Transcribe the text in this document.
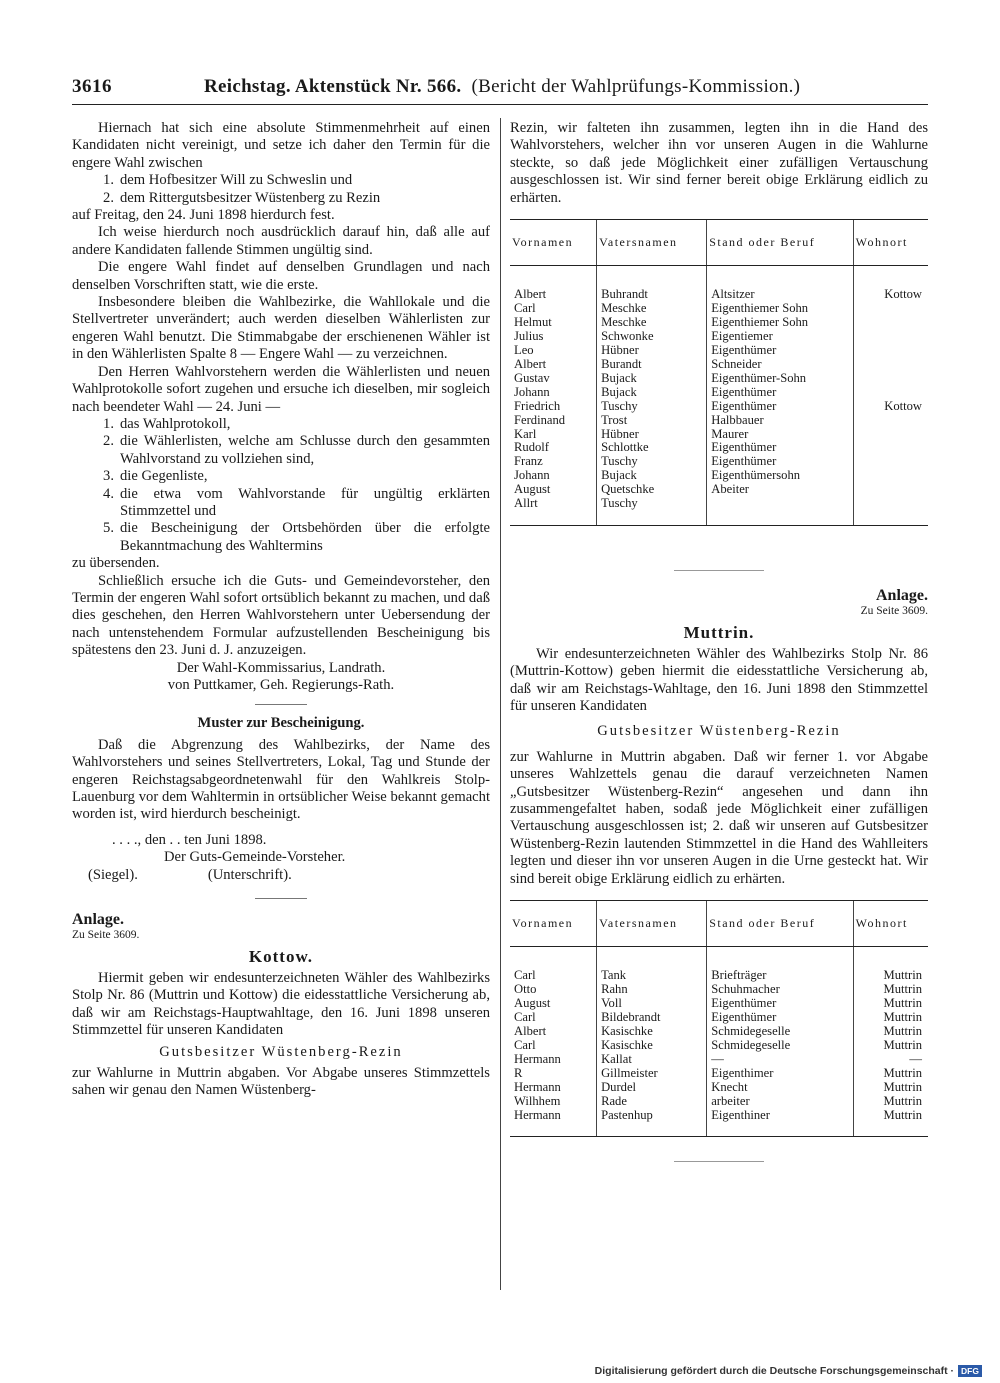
3616	Reichstag. Aktenstück Nr. 566. (Bericht der Wahlprüfungs-Kommission.)

Hiernach hat sich eine absolute Stimmenmehrheit auf einen Kandidaten nicht vereinigt, und setze ich daher den Termin für die engere Wahl zwischen

1. dem Hofbesitzer Will zu Schweslin und
2. dem Rittergutsbesitzer Wüstenberg zu Rezin

auf Freitag, den 24. Juni 1898 hierdurch fest.

Ich weise hierdurch noch ausdrücklich darauf hin, daß alle auf andere Kandidaten fallende Stimmen ungültig sind.

Die engere Wahl findet auf denselben Grundlagen und nach denselben Vorschriften statt, wie die erste.

Insbesondere bleiben die Wahlbezirke, die Wahllokale und die Stellvertreter unverändert; auch werden dieselben Wählerlisten zur engeren Wahl benutzt. Die Stimmabgabe der erschienenen Wähler ist in den Wählerlisten Spalte 8 — Engere Wahl — zu verzeichnen.

Den Herren Wahlvorstehern werden die Wählerlisten und neuen Wahlprotokolle sofort zugehen und ersuche ich dieselben, mir sogleich nach beendeter Wahl — 24. Juni —

1. das Wahlprotokoll,
2. die Wählerlisten, welche am Schlusse durch den gesammten Wahlvorstand zu vollziehen sind,
3. die Gegenliste,
4. die etwa vom Wahlvorstande für ungültig erklärten Stimmzettel und
5. die Bescheinigung der Ortsbehörden über die erfolgte Bekanntmachung des Wahltermins

zu übersenden.

Schließlich ersuche ich die Guts- und Gemeindevorsteher, den Termin der engeren Wahl sofort ortsüblich bekannt zu machen, und daß dies geschehen, den Herren Wahlvorstehern unter Uebersendung der nach untenstehendem Formular aufzustellenden Bescheinigung bis spätestens den 23. Juni d. J. anzuzeigen.

Der Wahl-Kommissarius, Landrath.

von Puttkamer, Geh. Regierungs-Rath.

Muster zur Bescheinigung.

Daß die Abgrenzung des Wahlbezirks, der Name des Wahlvorstehers und seines Stellvertreters, Lokal, Tag und Stunde der engeren Reichstagsabgeordnetenwahl für den Wahlkreis Stolp-Lauenburg vor dem Wahltermin in ortsüblicher Weise bekannt gemacht worden ist, wird hierdurch bescheinigt.

. . . ., den . . ten Juni 1898.

Der Guts-Gemeinde-Vorsteher.

(Siegel).	(Unterschrift).

Anlage.

Zu Seite 3609.

Kottow.

Hiermit geben wir endesunterzeichneten Wähler des Wahlbezirks Stolp Nr. 86 (Muttrin und Kottow) die eidesstattliche Versicherung ab, daß wir am Reichstags-Hauptwahltage, den 16. Juni 1898 unseren Stimmzettel für unseren Kandidaten

Gutsbesitzer Wüstenberg-Rezin

zur Wahlurne in Muttrin abgaben. Vor Abgabe unseres Stimmzettels sahen wir genau den Namen Wüstenberg-

Rezin, wir falteten ihn zusammen, legten ihn in die Hand des Wahlvorstehers, welcher ihn vor unseren Augen in die Wahlurne steckte, so daß jede Möglichkeit einer zufälligen Vertauschung ausgeschlossen ist. Wir sind ferner bereit obige Erklärung eidlich zu erhärten.

Vornamen	Vatersnamen	Stand oder Beruf	Wohnort
Albert	Buhrandt	Altsitzer	Kottow
Carl	Meschke	Eigenthiemer Sohn	
Helmut	Meschke	Eigenthiemer Sohn	
Julius	Schwonke	Eigentiemer	
Leo	Hübner	Eigenthümer	
Albert	Burandt	Schneider	
Gustav	Bujack	Eigenthümer-Sohn	
Johann	Bujack	Eigenthümer	
Friedrich	Tuschy	Eigenthümer	Kottow
Ferdinand	Trost	Halbbauer	
Karl	Hübner	Maurer	
Rudolf	Schlottke	Eigenthümer	
Franz	Tuschy	Eigenthümer	
Johann	Bujack	Eigenthümersohn	
August	Quetschke	Abeiter	
Allrt	Tuschy		

Anlage.

Zu Seite 3609.

Muttrin.

Wir endesunterzeichneten Wähler des Wahlbezirks Stolp Nr. 86 (Muttrin-Kottow) geben hiermit die eidesstattliche Versicherung ab, daß wir am Reichstags-Wahltage, den 16. Juni 1898 den Stimmzettel für unseren Kandidaten

Gutsbesitzer Wüstenberg-Rezin

zur Wahlurne in Muttrin abgaben. Daß wir ferner 1. vor Abgabe unseres Wahlzettels genau die darauf verzeichneten Namen „Gutsbesitzer Wüstenberg-Rezin“ angesehen und dann ihn zusammengefaltet haben, sodaß jede Möglichkeit einer zufälligen Vertauschung ausgeschlossen ist; 2. daß wir unseren auf Gutsbesitzer Wüstenberg-Rezin lautenden Stimmzettel in die Hand des Wahlleiters legten und dieser ihn vor unseren Augen in die Urne gesteckt hat. Wir sind bereit obige Erklärung eidlich zu erhärten.

Vornamen	Vatersnamen	Stand oder Beruf	Wohnort
Carl	Tank	Briefträger	Muttrin
Otto	Rahn	Schuhmacher	Muttrin
August	Voll	Eigenthümer	Muttrin
Carl	Bildebrandt	Eigenthümer	Muttrin
Albert	Kasischke	Schmidegeselle	Muttrin
Carl	Kasischke	Schmidegeselle	Muttrin
Hermann	Kallat	—	—
R	Gillmeister	Eigenthimer	Muttrin
Hermann	Durdel	Knecht	Muttrin
Wilhhem	Rade	arbeiter	Muttrin
Hermann	Pastenhup	Eigenthiner	Muttrin
Digitalisierung gefördert durch die Deutsche Forschungsgemeinschaft · DFG
